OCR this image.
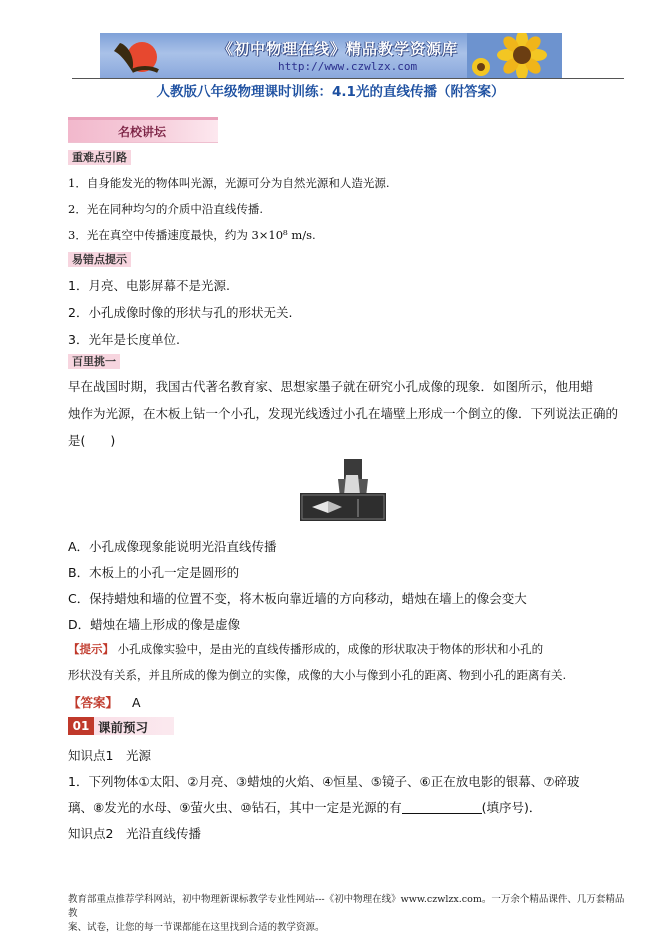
《初中物理在线》精品教学资源库
http://www.czwlzx.com
人教版八年级物理课时训练：4.1光的直线传播（附答案）
名校讲坛
重难点引路
1．自身能发光的物体叫光源，光源可分为自然光源和人造光源.
2．光在同种均匀的介质中沿直线传播.
3．光在真空中传播速度最快，约为 3×10⁸ m/s.
易错点提示
1．月亮、电影屏幕不是光源.
2．小孔成像时像的形状与孔的形状无关.
3．光年是长度单位.
百里挑一
早在战国时期，我国古代著名教育家、思想家墨子就在研究小孔成像的现象．如图所示，他用蜡
烛作为光源，在木板上钻一个小孔，发现光线透过小孔在墙壁上形成一个倒立的像．下列说法正确的
是(　　)
A．小孔成像现象能说明光沿直线传播
B．木板上的小孔一定是圆形的
C．保持蜡烛和墙的位置不变，将木板向靠近墙的方向移动，蜡烛在墙上的像会变大
D．蜡烛在墙上形成的像是虚像
【提示】 小孔成像实验中，是由光的直线传播形成的，成像的形状取决于物体的形状和小孔的
形状没有关系，并且所成的像为倒立的实像，成像的大小与像到小孔的距离、物到小孔的距离有关.
【答案】 A
01 课前预习
知识点1　光源
1．下列物体①太阳、②月亮、③蜡烛的火焰、④恒星、⑤镜子、⑥正在放电影的银幕、⑦碎玻
璃、⑧发光的水母、⑨萤火虫、⑩钻石，其中一定是光源的有	(填序号)．
知识点2　光沿直线传播
教育部重点推荐学科网站，初中物理新课标教学专业性网站---《初中物理在线》www.czwlzx.com。一万余个精品课件、几万套精品教
案、试卷，让您的每一节课都能在这里找到合适的教学资源。
